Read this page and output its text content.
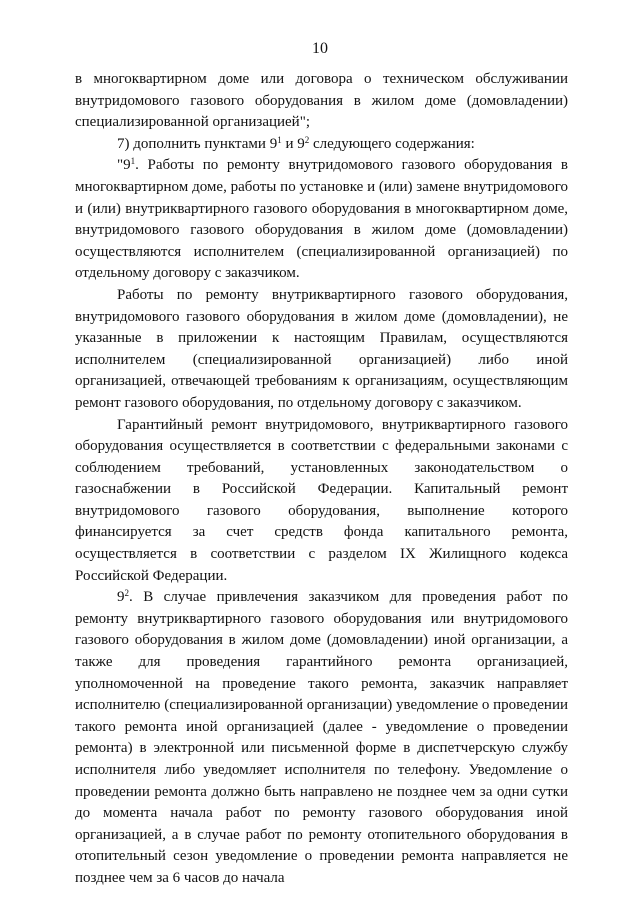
10

в многоквартирном доме или договора о техническом обслуживании внутридомового газового оборудования в жилом доме (домовладении) специализированной организацией";

7) дополнить пунктами $9^1$ и $9^2$ следующего содержания:

"$9^1$. Работы по ремонту внутридомового газового оборудования в многоквартирном доме, работы по установке и (или) замене внутридомового и (или) внутриквартирного газового оборудования в многоквартирном доме, внутридомового газового оборудования в жилом доме (домовладении) осуществляются исполнителем (специализированной организацией) по отдельному договору с заказчиком.

Работы по ремонту внутриквартирного газового оборудования, внутридомового газового оборудования в жилом доме (домовладении), не указанные в приложении к настоящим Правилам, осуществляются исполнителем (специализированной организацией) либо иной организацией, отвечающей требованиям к организациям, осуществляющим ремонт газового оборудования, по отдельному договору с заказчиком.

Гарантийный ремонт внутридомового, внутриквартирного газового оборудования осуществляется в соответствии с федеральными законами с соблюдением требований, установленных законодательством о газоснабжении в Российской Федерации. Капитальный ремонт внутридомового газового оборудования, выполнение которого финансируется за счет средств фонда капитального ремонта, осуществляется в соответствии с разделом IX Жилищного кодекса Российской Федерации.

$9^2$. В случае привлечения заказчиком для проведения работ по ремонту внутриквартирного газового оборудования или внутридомового газового оборудования в жилом доме (домовладении) иной организации, а также для проведения гарантийного ремонта организацией, уполномоченной на проведение такого ремонта, заказчик направляет исполнителю (специализированной организации) уведомление о проведении такого ремонта иной организацией (далее - уведомление о проведении ремонта) в электронной или письменной форме в диспетчерскую службу исполнителя либо уведомляет исполнителя по телефону. Уведомление о проведении ремонта должно быть направлено не позднее чем за одни сутки до момента начала работ по ремонту газового оборудования иной организацией, а в случае работ по ремонту отопительного оборудования в отопительный сезон уведомление о проведении ремонта направляется не позднее чем за 6 часов до начала
